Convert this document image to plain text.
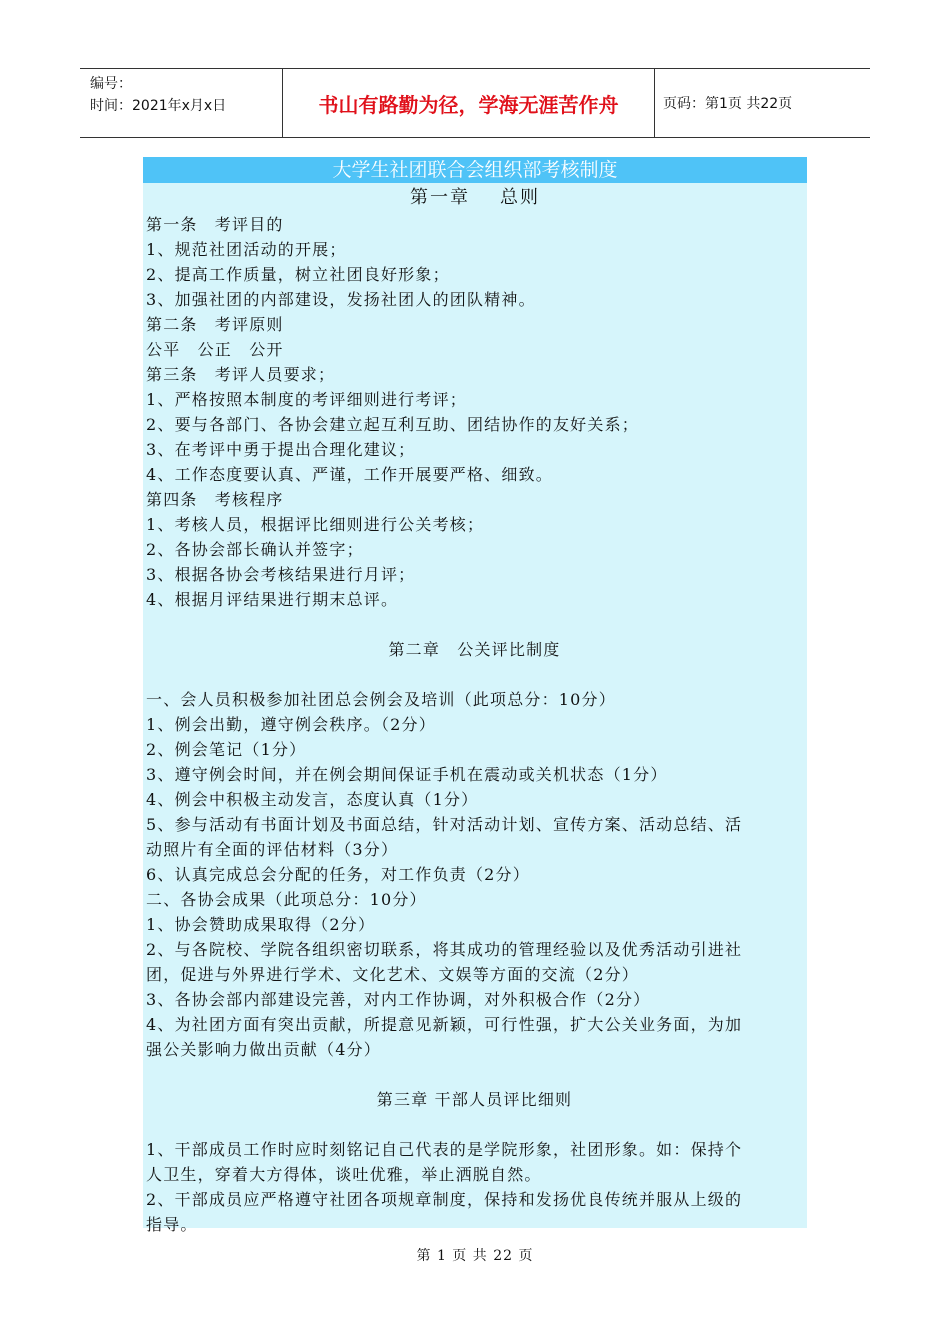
编号：
时间：2021年x月x日	书山有路勤为径，学海无涯苦作舟	页码：第1页 共22页
大学生社团联合会组织部考核制度
第一章 总则
第一条　考评目的
1、规范社团活动的开展；
2、提高工作质量，树立社团良好形象；
3、加强社团的内部建设，发扬社团人的团队精神。
第二条　考评原则
公平　公正　公开
第三条　考评人员要求；
1、严格按照本制度的考评细则进行考评；
2、要与各部门、各协会建立起互利互助、团结协作的友好关系；
3、在考评中勇于提出合理化建议；
4、工作态度要认真、严谨，工作开展要严格、细致。
第四条　考核程序
1、考核人员，根据评比细则进行公关考核；
2、各协会部长确认并签字；
3、根据各协会考核结果进行月评；
4、根据月评结果进行期末总评。
第二章　公关评比制度
一、会人员积极参加社团总会例会及培训（此项总分：10分）
1、例会出勤，遵守例会秩序。（2分）
2、例会笔记（1分）
3、遵守例会时间，并在例会期间保证手机在震动或关机状态（1分）
4、例会中积极主动发言，态度认真（1分）
5、参与活动有书面计划及书面总结，针对活动计划、宣传方案、活动总结、活
动照片有全面的评估材料（3分）
6、认真完成总会分配的任务，对工作负责（2分）
二、各协会成果（此项总分：10分）
1、协会赞助成果取得（2分）
2、与各院校、学院各组织密切联系，将其成功的管理经验以及优秀活动引进社
团，促进与外界进行学术、文化艺术、文娱等方面的交流（2分）
3、各协会部内部建设完善，对内工作协调，对外积极合作（2分）
4、为社团方面有突出贡献，所提意见新颖，可行性强，扩大公关业务面，为加
强公关影响力做出贡献（4分）
第三章 干部人员评比细则
1、干部成员工作时应时刻铭记自己代表的是学院形象，社团形象。如：保持个
人卫生，穿着大方得体，谈吐优雅，举止洒脱自然。
2、干部成员应严格遵守社团各项规章制度，保持和发扬优良传统并服从上级的
指导。
第 1 页 共 22 页
